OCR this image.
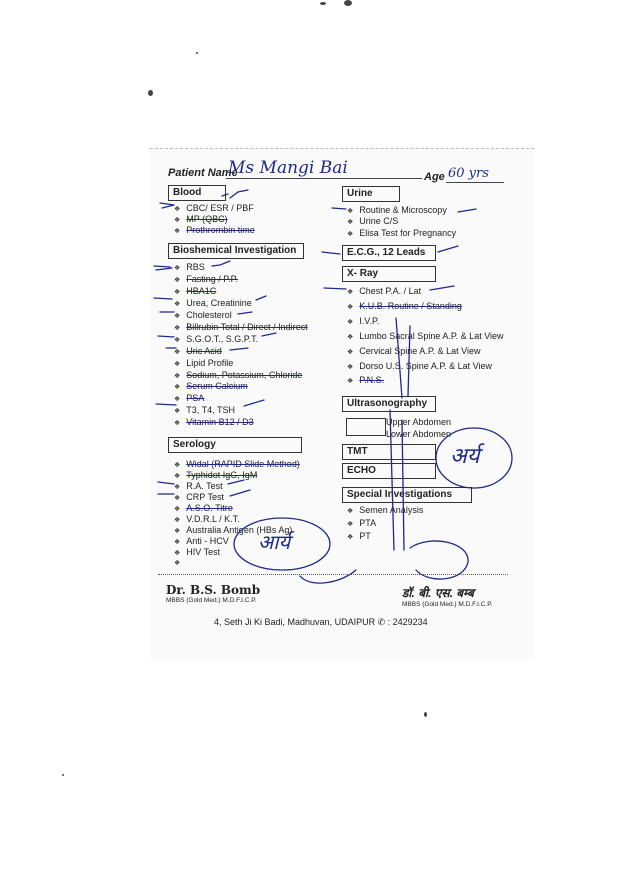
Patient Name
Ms Mangi Bai	Age 60 yrs
Blood
❖ CBC/ ESR / PBF
❖ MP (QBC)
❖ Prothrombin time
Bioshemical Investigation
❖ RBS
❖ Fasting / P.P.
❖ HBA1C
❖ Urea, Creatinine
❖ Cholesterol
❖ Billrubin Total / Direct / Indirect
❖ S.G.O.T., S.G.P.T.
❖ Uric Acid
❖ Lipid Profile
❖ Sodium, Potassium, Chloride
❖ Serum Calcium
❖ PSA
❖ T3, T4, TSH
❖ Vitamin B12 / D3
Serology
❖ Widal (RAPID Slide Method)
❖ Typhidot IgG, IgM
❖ R.A. Test
❖ CRP Test
❖ A.S.O. Titre
❖ V.D.R.L / K.T.
❖ Australia Antigen (HBs Ag)
❖ Anti - HCV
❖ HIV Test
❖
Urine
❖ Routine & Microscopy
❖ Urine C/S
❖ Elisa Test for Pregnancy
E.C.G., 12 Leads
X- Ray
❖ Chest P.A. / Lat
❖ K.U.B. Routine / Standing
❖ I.V.P.
❖ Lumbo Sacral Spine A.P. & Lat View
❖ Cervical Spine A.P. & Lat View
❖ Dorso U.S. Spine A.P. & Lat View
❖ P.N.S.
Ultrasonography
Upper Abdomen
Lower Abdomen
TMT
ECHO
Special Investigations
❖ Semen Analysis
❖ PTA
❖ PT
आर्य
अर्य
Dr. B.S. Bomb
MBBS (Gold Med.) M.D.F.I.C.P.
डॉ. बी. एस. बम्ब
MBBS (Gold Med.) M.D.F.I.C.P.
4, Seth Ji Ki Badi, Madhuvan, UDAIPUR ✆ : 2429234
